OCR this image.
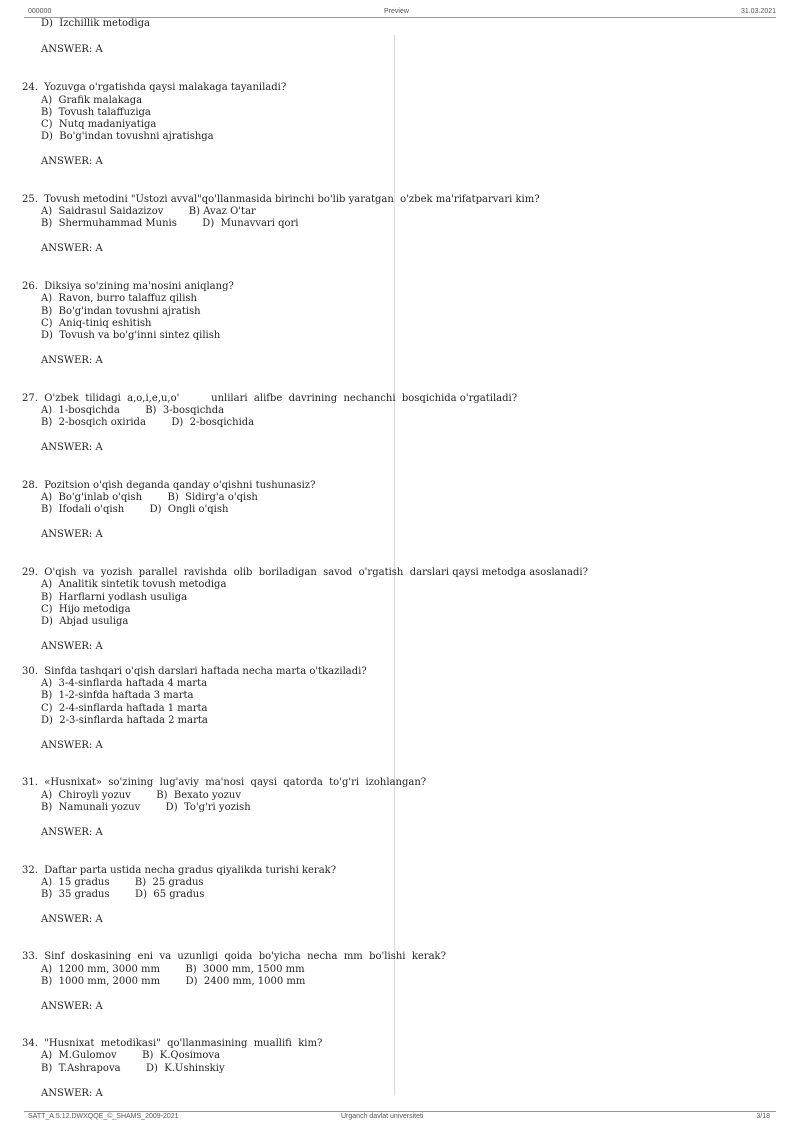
000000	Preview	31.03.2021
D)  Izchillik metodiga
ANSWER: A
24.  Yozuvga o'rgatishda qaysi malakaga tayaniladi?
A)  Grafik malakaga
B)  Tovush talaffuziga
C)  Nutq madaniyatiga
D)  Bo'g'indan tovushni ajratishga
ANSWER: A
25.  Tovush metodini "Ustozi avval"qo'llanmasida birinchi bo'lib yaratgan  o'zbek ma'rifatparvari kim?
A)  Saidrasul Saidazizov        B) Avaz O'tar
B)  Shermuhammad Munis        D)  Munavvari qori
ANSWER: A
26.  Diksiya so'zining ma'nosini aniqlang?
A)  Ravon, burro talaffuz qilish
B)  Bo'g'indan tovushni ajratish
C)  Aniq-tiniq eshitish
D)  Tovush va bo'g'inni sintez qilish
ANSWER: A
27.  O'zbek  tilidagi  a,o,i,e,u,o'          unlilari  alifbe  davrining  nechanchi  bosqichida o'rgatiladi?
A)  1-bosqichda        B)  3-bosqichda
B)  2-bosqich oxirida        D)  2-bosqichida
ANSWER: A
28.  Pozitsion o'qish deganda qanday o'qishni tushunasiz?
A)  Bo'g'inlab o'qish        B)  Sidirg'a o'qish
B)  Ifodali o'qish        D)  Ongli o'qish
ANSWER: A
29.  O'qish  va  yozish  parallel  ravishda  olib  boriladigan  savod  o'rgatish  darslari qaysi metodga asoslanadi?
A)  Analitik sintetik tovush metodiga
B)  Harflarni yodlash usuliga
C)  Hijo metodiga
D)  Abjad usuliga
ANSWER: A
30.  Sinfda tashqari o'qish darslari haftada necha marta o'tkaziladi?
A)  3-4-sinflarda haftada 4 marta
B)  1-2-sinfda haftada 3 marta
C)  2-4-sinflarda haftada 1 marta
D)  2-3-sinflarda haftada 2 marta
ANSWER: A
31.  «Husnixat»  so'zining  lug'aviy  ma'nosi  qaysi  qatorda  to'g'ri  izohlangan?
A)  Chiroyli yozuv        B)  Bexato yozuv
B)  Namunali yozuv        D)  To'g'ri yozish
ANSWER: A
32.  Daftar parta ustida necha gradus qiyalikda turishi kerak?
A)  15 gradus        B)  25 gradus
B)  35 gradus        D)  65 gradus
ANSWER: A
33.  Sinf  doskasining  eni  va  uzunligi  qoida  bo'yicha  necha  mm  bo'lishi  kerak?
A)  1200 mm, 3000 mm        B)  3000 mm, 1500 mm
B)  1000 mm, 2000 mm        D)  2400 mm, 1000 mm
ANSWER: A
34.  "Husnixat  metodikasi"  qo'llanmasining  muallifi  kim?
A)  M.Gulomov        B)  K.Qosimova
B)  T.Ashrapova        D)  K.Ushinskiy
ANSWER: A
SATT_A.5.12.DWXQQE_©_SHAMS_2009-2021	Urganch davlat universiteti	3/18
